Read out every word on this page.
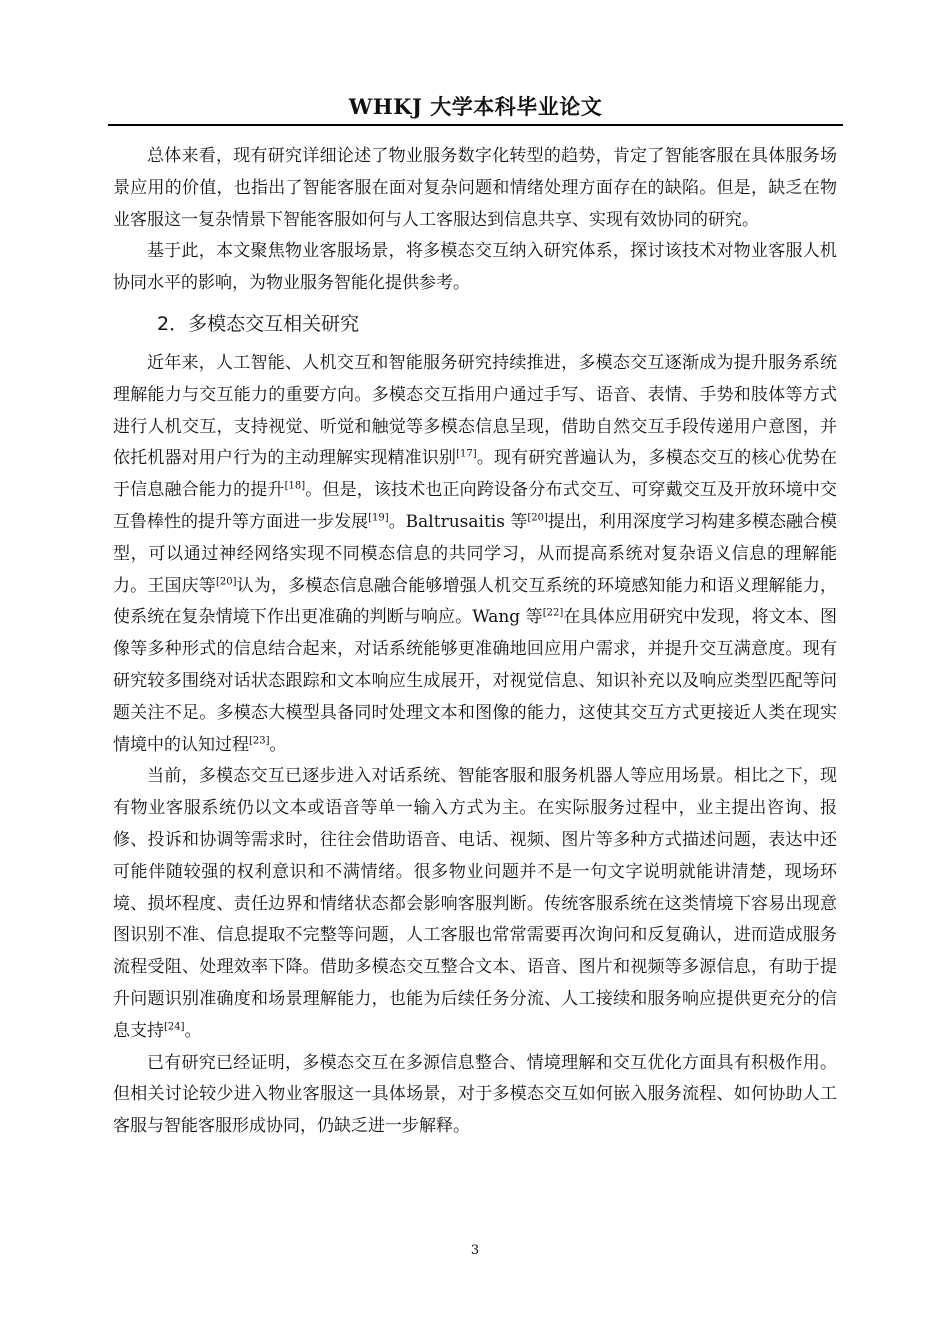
WHKJ 大学本科毕业论文

总体来看，现有研究详细论述了物业服务数字化转型的趋势，肯定了智能客服在具体服务场景应用的价值，也指出了智能客服在面对复杂问题和情绪处理方面存在的缺陷。但是，缺乏在物业客服这一复杂情景下智能客服如何与人工客服达到信息共享、实现有效协同的研究。

基于此，本文聚焦物业客服场景，将多模态交互纳入研究体系，探讨该技术对物业客服人机协同水平的影响，为物业服务智能化提供参考。

2．多模态交互相关研究

近年来，人工智能、人机交互和智能服务研究持续推进，多模态交互逐渐成为提升服务系统理解能力与交互能力的重要方向。多模态交互指用户通过手写、语音、表情、手势和肢体等方式进行人机交互，支持视觉、听觉和触觉等多模态信息呈现，借助自然交互手段传递用户意图，并依托机器对用户行为的主动理解实现精准识别[17]。现有研究普遍认为，多模态交互的核心优势在于信息融合能力的提升[18]。但是，该技术也正向跨设备分布式交互、可穿戴交互及开放环境中交互鲁棒性的提升等方面进一步发展[19]。Baltrusaitis 等[20]提出，利用深度学习构建多模态融合模型，可以通过神经网络实现不同模态信息的共同学习，从而提高系统对复杂语义信息的理解能力。王国庆等[20]认为，多模态信息融合能够增强人机交互系统的环境感知能力和语义理解能力，使系统在复杂情境下作出更准确的判断与响应。Wang 等[22]在具体应用研究中发现，将文本、图像等多种形式的信息结合起来，对话系统能够更准确地回应用户需求，并提升交互满意度。现有研究较多围绕对话状态跟踪和文本响应生成展开，对视觉信息、知识补充以及响应类型匹配等问题关注不足。多模态大模型具备同时处理文本和图像的能力，这使其交互方式更接近人类在现实情境中的认知过程[23]。

当前，多模态交互已逐步进入对话系统、智能客服和服务机器人等应用场景。相比之下，现有物业客服系统仍以文本或语音等单一输入方式为主。在实际服务过程中，业主提出咨询、报修、投诉和协调等需求时，往往会借助语音、电话、视频、图片等多种方式描述问题，表达中还可能伴随较强的权利意识和不满情绪。很多物业问题并不是一句文字说明就能讲清楚，现场环境、损坏程度、责任边界和情绪状态都会影响客服判断。传统客服系统在这类情境下容易出现意图识别不准、信息提取不完整等问题，人工客服也常常需要再次询问和反复确认，进而造成服务流程受阻、处理效率下降。借助多模态交互整合文本、语音、图片和视频等多源信息，有助于提升问题识别准确度和场景理解能力，也能为后续任务分流、人工接续和服务响应提供更充分的信息支持[24]。

已有研究已经证明，多模态交互在多源信息整合、情境理解和交互优化方面具有积极作用。但相关讨论较少进入物业客服这一具体场景，对于多模态交互如何嵌入服务流程、如何协助人工客服与智能客服形成协同，仍缺乏进一步解释。

3
